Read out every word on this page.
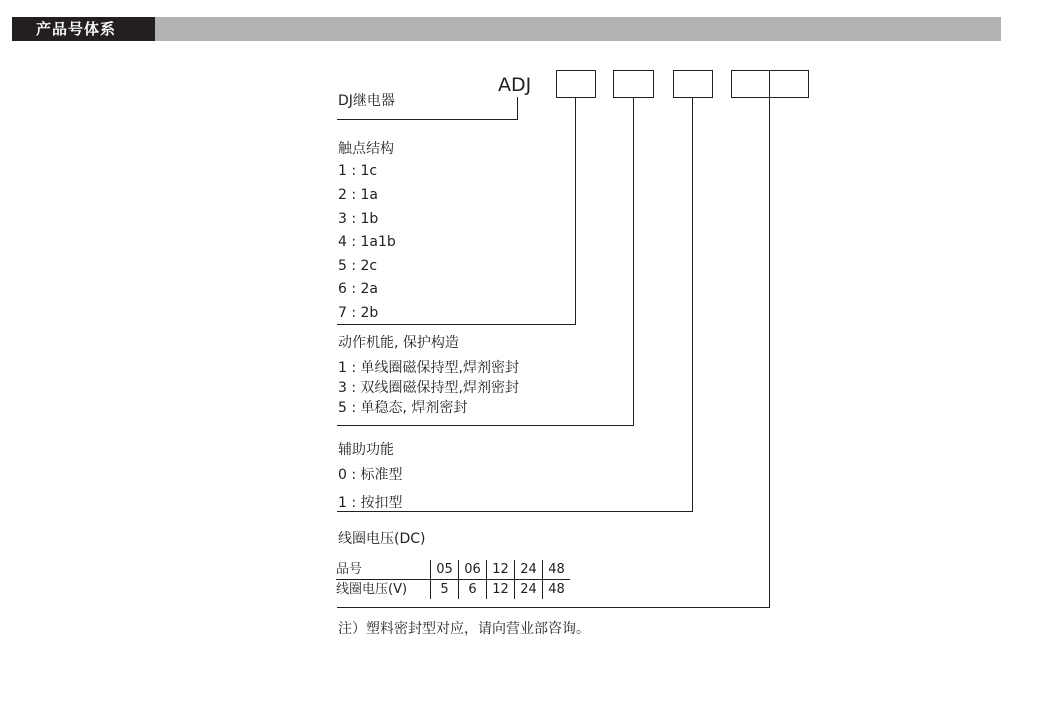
产品号体系
ADJ
DJ继电器
触点结构
1 : 1c
2 : 1a
3 : 1b
4 : 1a1b
5 : 2c
6 : 2a
7 : 2b
动作机能, 保护构造
1 : 单线圈磁保持型,焊剂密封
3 : 双线圈磁保持型,焊剂密封
5 : 单稳态, 焊剂密封
辅助功能
0 : 标准型
1 : 按扣型
线圈电压(DC)
品号	05	06	12	24	48
线圈电压(V)	5	6	12	24	48
注）塑料密封型对应，请向营业部咨询。
